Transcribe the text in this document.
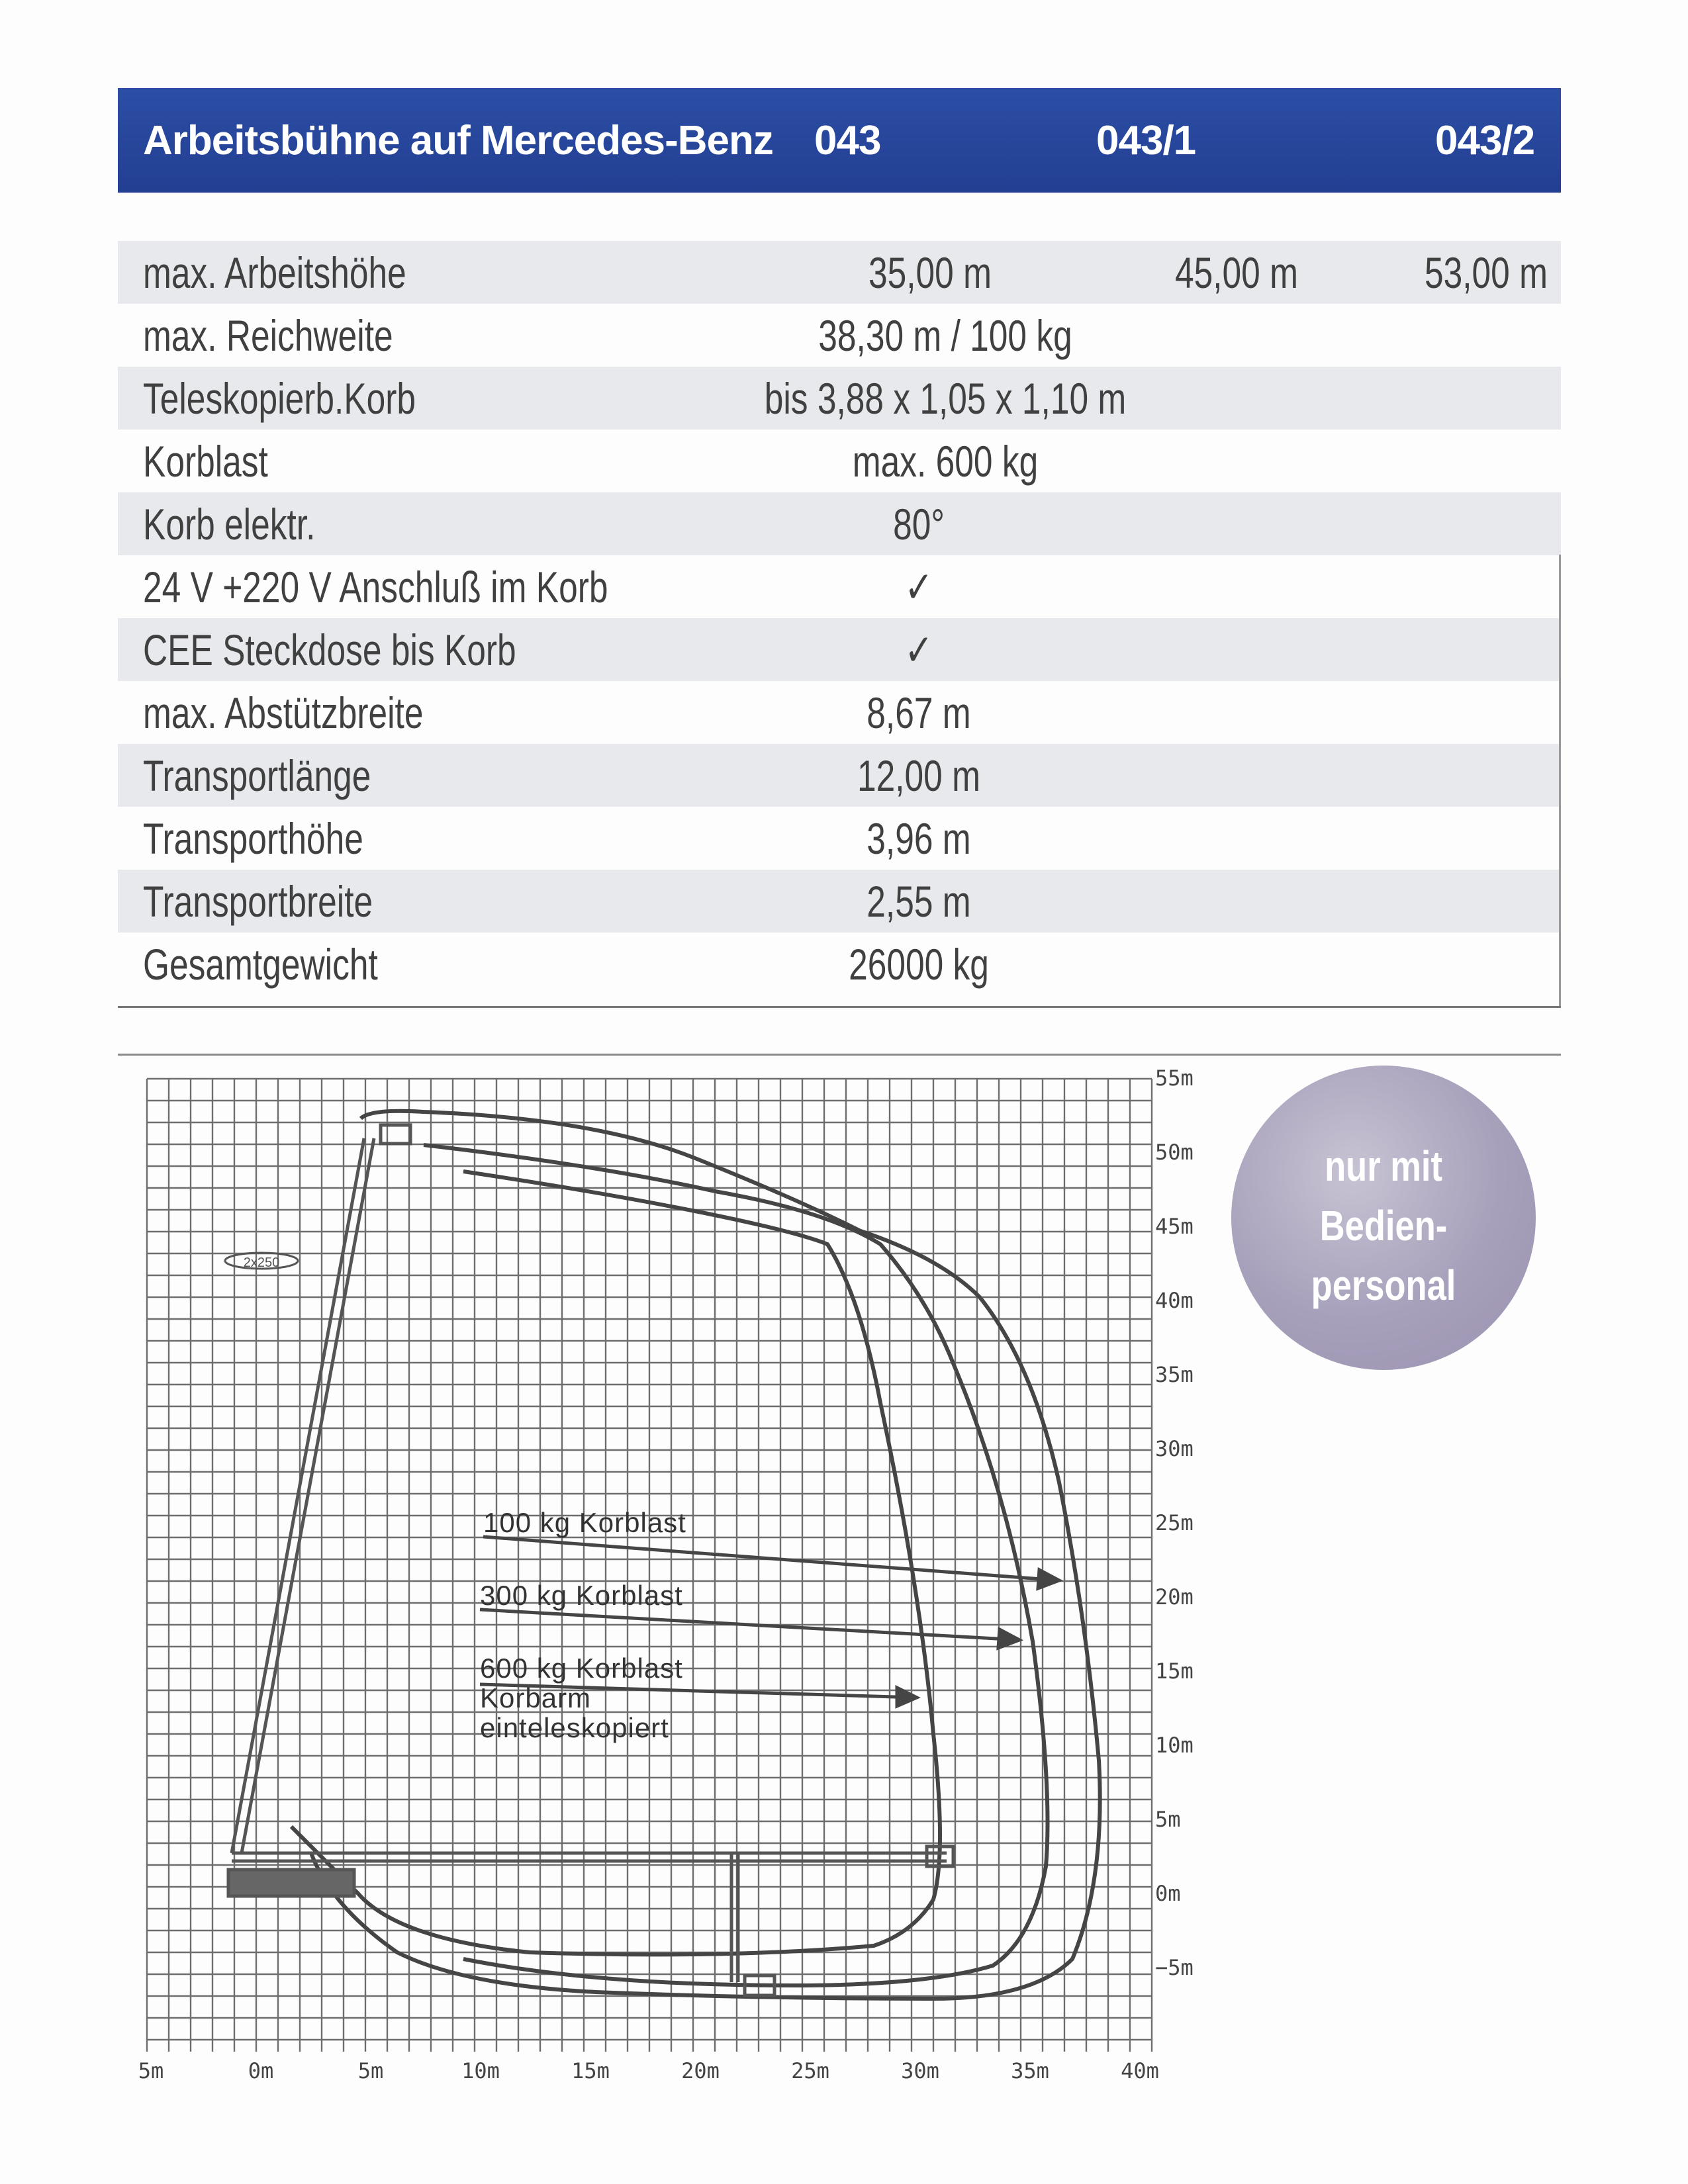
Arbeitsbühne auf Mercedes-Benz 043	043/1	043/2
max. Arbeitshöhe	35,00 m	45,00 m	53,00 m
max. Reichweite	38,30 m / 100 kg
Teleskopierb.Korb	bis 3,88 x 1,05 x 1,10 m
Korblast	max. 600 kg
Korb elektr.	80°
24 V +220 V Anschluß im Korb	✓
CEE Steckdose bis Korb	✓
max. Abstützbreite	8,67 m
Transportlänge	12,00 m
Transporthöhe	3,96 m
Transportbreite	2,55 m
Gesamtgewicht	26000 kg
55m
50m
45m
40m
35m
30m
25m
20m
15m
10m
5m
0m
−5m
5m	0m	5m	10m	15m	20m	25m	30m	35m	40m
2x250
100 kg Korblast
300 kg Korblast
600 kg Korblast
Korbarm
einteleskopiert
nur mit
Bedien-
personal
